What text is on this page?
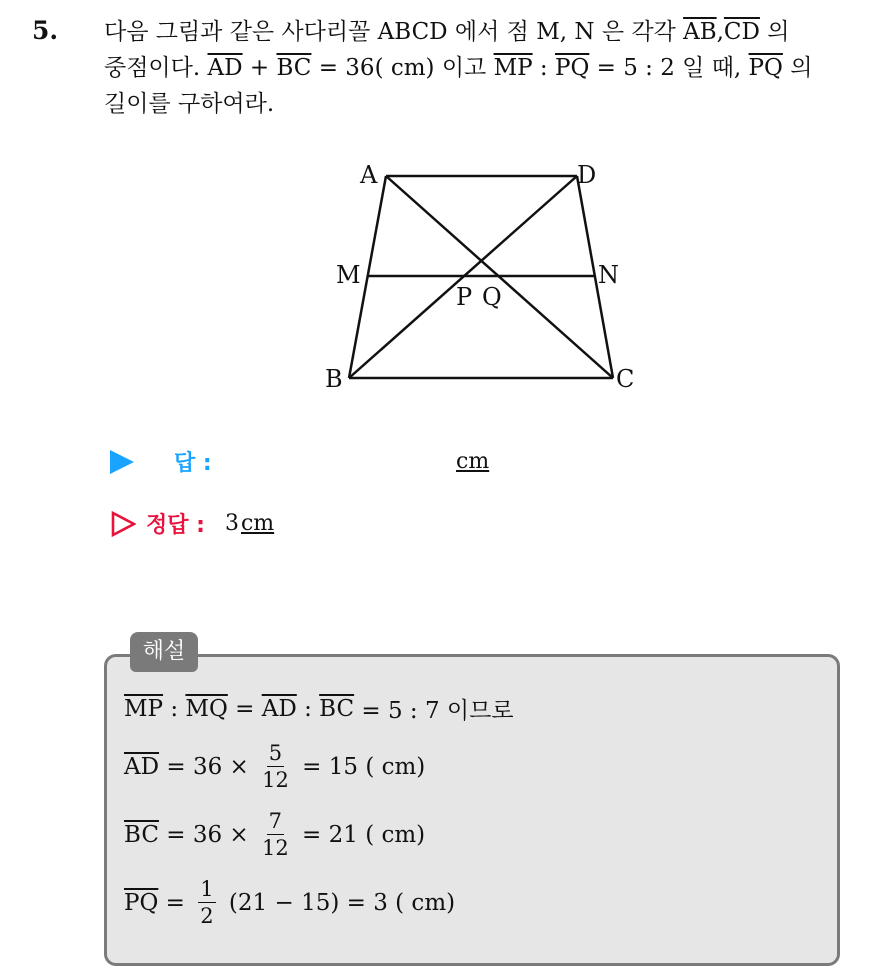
5. 다음 그림과 같은 사다리꼴 ABCD 에서 점 M, N 은 각각 $\overline{AB},\overline{CD}$ 의
중점이다. $\overline{AD} + \overline{BC} = 36$( cm) 이고 $\overline{MP}$ : $\overline{PQ} = 5$ : 2 일 때, $\overline{PQ}$ 의
길이를 구하여라.
A	D
M	N
P Q
B	C
답 :	cm
정답 : 3cm
해설
$\overline{MP}$ : $\overline{MQ} = \overline{AD}$ : $\overline{BC} = 5$ : 7 이므로
$\overline{AD} = 36 \times \frac{5}{12} = 15$ ( cm)
$\overline{BC} = 36 \times \frac{7}{12} = 21$ ( cm)
$\overline{PQ} = \frac{1}{2} (21 - 15) = 3$ ( cm)
